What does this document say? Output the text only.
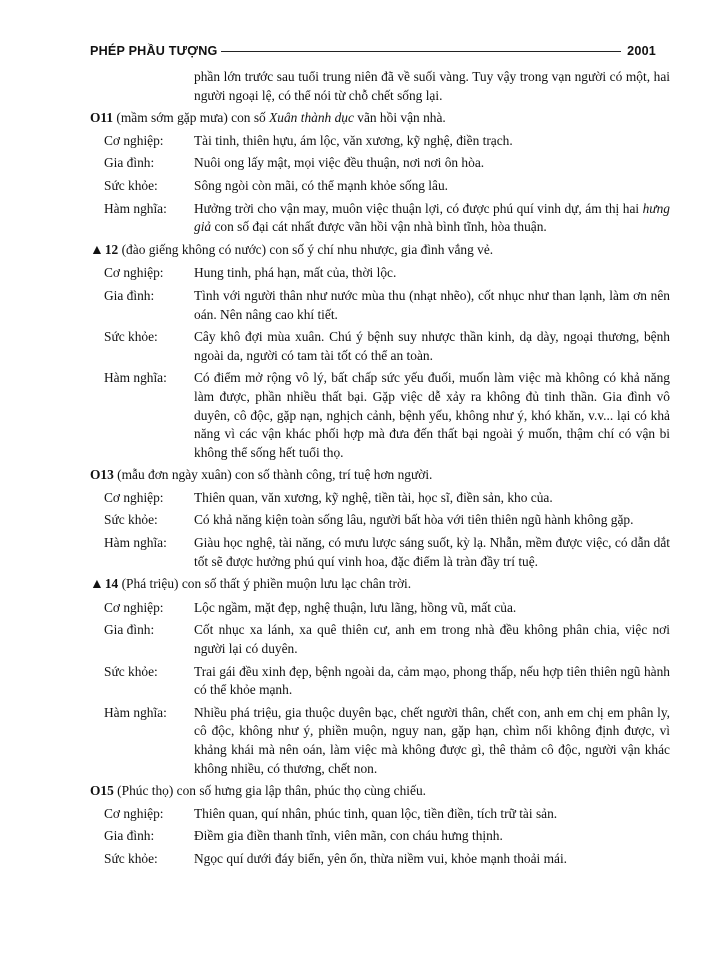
PHÉP PHẦU TƯỢNG	2001
phần lớn trước sau tuổi trung niên đã về suối vàng. Tuy vậy trong vạn người có một, hai người ngoại lệ, có thể nói từ chỗ chết sống lại.
O11 (mầm sớm gặp mưa) con số Xuân thành dục vãn hồi vận nhà.
Cơ nghiệp:	Tài tinh, thiên hựu, ám lộc, văn xương, kỹ nghệ, điền trạch.
Gia đình:	Nuôi ong lấy mật, mọi việc đều thuận, nơi nơi ôn hòa.
Sức khỏe:	Sông ngòi còn mãi, có thể mạnh khỏe sống lâu.
Hàm nghĩa:	Hưởng trời cho vận may, muôn việc thuận lợi, có được phú quí vinh dự, ám thị hai hưng giả con số đại cát nhất được vãn hồi vận nhà bình tĩnh, hòa thuận.
▲12 (đào giếng không có nước) con số ý chí nhu nhược, gia đình vắng vẻ.
Cơ nghiệp:	Hung tinh, phá hạn, mất của, thời lộc.
Gia đình:	Tình với người thân như nước mùa thu (nhạt nhẽo), cốt nhục như than lạnh, làm ơn nên oán. Nên nâng cao khí tiết.
Sức khỏe:	Cây khô đợi mùa xuân. Chú ý bệnh suy nhược thần kinh, dạ dày, ngoại thương, bệnh ngoài da, người có tam tài tốt có thể an toàn.
Hàm nghĩa:	Có điểm mở rộng vô lý, bất chấp sức yếu đuối, muốn làm việc mà không có khả năng làm được, phần nhiều thất bại. Gặp việc dễ xảy ra không đủ tinh thần. Gia đình vô duyên, cô độc, gặp nạn, nghịch cảnh, bệnh yếu, không như ý, khó khăn, v.v... lại có khả năng vì các vận khác phối hợp mà đưa đến thất bại ngoài ý muốn, thậm chí có vận bi không thể sống hết tuổi thọ.
O13 (mẫu đơn ngày xuân) con số thành công, trí tuệ hơn người.
Cơ nghiệp:	Thiên quan, văn xương, kỹ nghệ, tiền tài, học sĩ, điền sản, kho của.
Sức khỏe:	Có khả năng kiện toàn sống lâu, người bất hòa với tiên thiên ngũ hành không gặp.
Hàm nghĩa:	Giàu học nghệ, tài năng, có mưu lược sáng suốt, kỳ lạ. Nhẫn, mềm được việc, có dẫn dắt tốt sẽ được hưởng phú quí vinh hoa, đặc điểm là tràn đầy trí tuệ.
▲14 (Phá triệu) con số thất ý phiền muộn lưu lạc chân trời.
Cơ nghiệp:	Lộc ngầm, mặt đẹp, nghệ thuận, lưu lãng, hồng vũ, mất của.
Gia đình:	Cốt nhục xa lánh, xa quê thiên cư, anh em trong nhà đều không phân chia, việc nơi người lại có duyên.
Sức khỏe:	Trai gái đều xinh đẹp, bệnh ngoài da, cảm mạo, phong thấp, nếu hợp tiên thiên ngũ hành có thể khỏe mạnh.
Hàm nghĩa:	Nhiều phá triệu, gia thuộc duyên bạc, chết người thân, chết con, anh em chị em phân ly, cô độc, không như ý, phiền muộn, nguy nan, gặp hạn, chìm nổi không định được, vì khảng khái mà nên oán, làm việc mà không được gì, thê thảm cô độc, người vận khác không nhiều, có thương, chết non.
O15 (Phúc thọ) con số hưng gia lập thân, phúc thọ cùng chiếu.
Cơ nghiệp:	Thiên quan, quí nhân, phúc tinh, quan lộc, tiền điền, tích trữ tài sản.
Gia đình:	Điềm gia điền thanh tĩnh, viên mãn, con cháu hưng thịnh.
Sức khỏe:	Ngọc quí dưới đáy biển, yên ổn, thừa niềm vui, khỏe mạnh thoải mái.
